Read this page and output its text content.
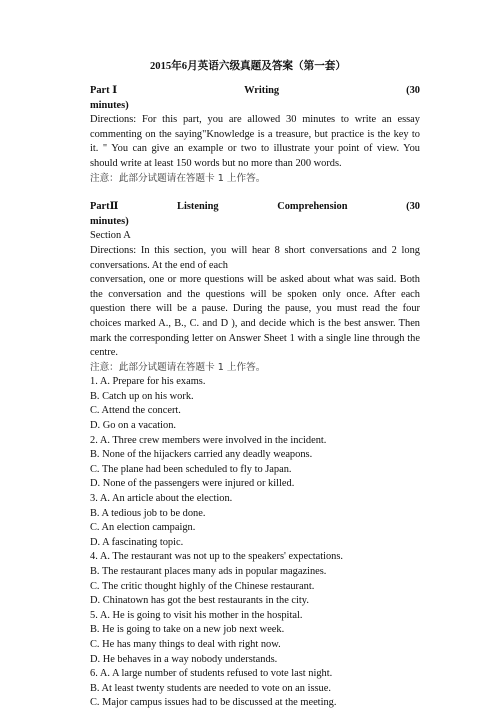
2015年6月英语六级真题及答案（第一套）
Part Ⅰ	Writing	(30
minutes)
Directions: For this part, you are allowed 30 minutes to write an essay commenting on the saying"Knowledge is a treasure, but practice is the key to it. " You can give an example or two to illustrate your point of view. You should write at least 150 words but no more than 200 words.
注意：此部分试题请在答题卡 1 上作答。
PartⅡ	Listening	Comprehension	(30
minutes)
Section A
Directions: In this section, you will hear 8 short conversations and 2 long conversations. At the end of each
conversation, one or more questions will be asked about what was said. Both the conversation and the questions will be spoken only once. After each question there will be a pause. During the pause, you must read the four choices marked A., B., C. and D ), and decide which is the best answer. Then mark the corresponding letter on Answer Sheet 1 with a single line through the centre.
注意：此部分试题请在答题卡 1 上作答。
1. A. Prepare for his exams.
B. Catch up on his work.
C. Attend the concert.
D. Go on a vacation.
2. A. Three crew members were involved in the incident.
B. None of the hijackers carried any deadly weapons.
C. The plane had been scheduled to fly to Japan.
D. None of the passengers were injured or killed.
3. A. An article about the election.
B. A tedious job to be done.
C. An election campaign.
D. A fascinating topic.
4. A. The restaurant was not up to the speakers' expectations.
B. The restaurant places many ads in popular magazines.
C. The critic thought highly of the Chinese restaurant.
D. Chinatown has got the best restaurants in the city.
5. A. He is going to visit his mother in the hospital.
B. He is going to take on a new job next week.
C. He has many things to deal with right now.
D. He behaves in a way nobody understands.
6. A. A large number of students refused to vote last night.
B. At least twenty students are needed to vote on an issue.
C. Major campus issues had to be discussed at the meeting.
